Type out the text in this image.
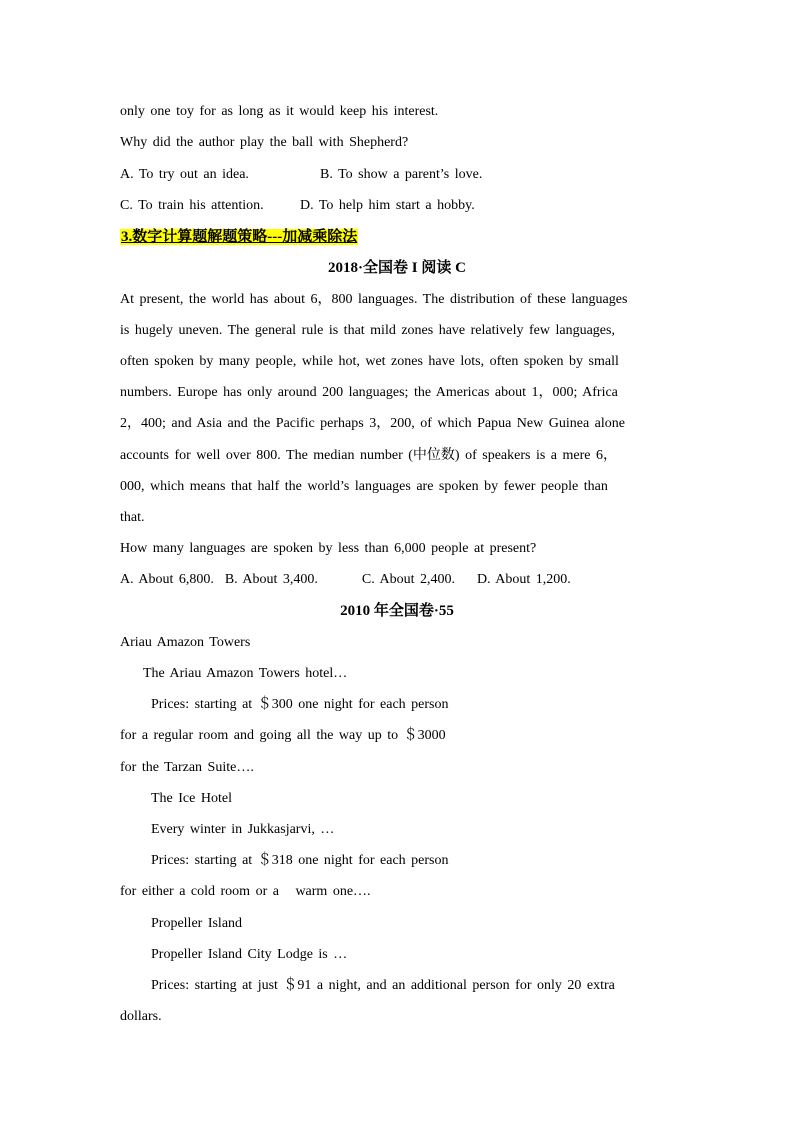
only one toy for as long as it would keep his interest.
Why did the author play the ball with Shepherd?
A. To try out an idea.	B. To show a parent’s love.
C. To train his attention.	D. To help him start a hobby.
3.数字计算题解题策略---加减乘除法
2018·全国卷 I 阅读 C
At present, the world has about 6，800 languages. The distribution of these languages
is hugely uneven. The general rule is that mild zones have relatively few languages,
often spoken by many people, while hot, wet zones have lots, often spoken by small
numbers. Europe has only around 200 languages; the Americas about 1，000; Africa
2，400; and Asia and the Pacific perhaps 3，200, of which Papua New Guinea alone
accounts for well over 800. The median number (中位数) of speakers is a mere 6，
000, which means that half the world’s languages are spoken by fewer people than
that.
How many languages are spoken by less than 6,000 people at present?
A. About 6,800.  B. About 3,400.        C. About 2,400.    D. About 1,200.
2010 年全国卷·55
Ariau Amazon Towers
The Ariau Amazon Towers hotel…
Prices: starting at ＄300 one night for each person
for a regular room and going all the way up to ＄3000
for the Tarzan Suite….
The Ice Hotel
Every winter in Jukkasjarvi, …
Prices: starting at ＄318 one night for each person
for either a cold room or a   warm one….
Propeller Island
Propeller Island City Lodge is …
Prices: starting at just ＄91 a night, and an additional person for only 20 extra
dollars.
